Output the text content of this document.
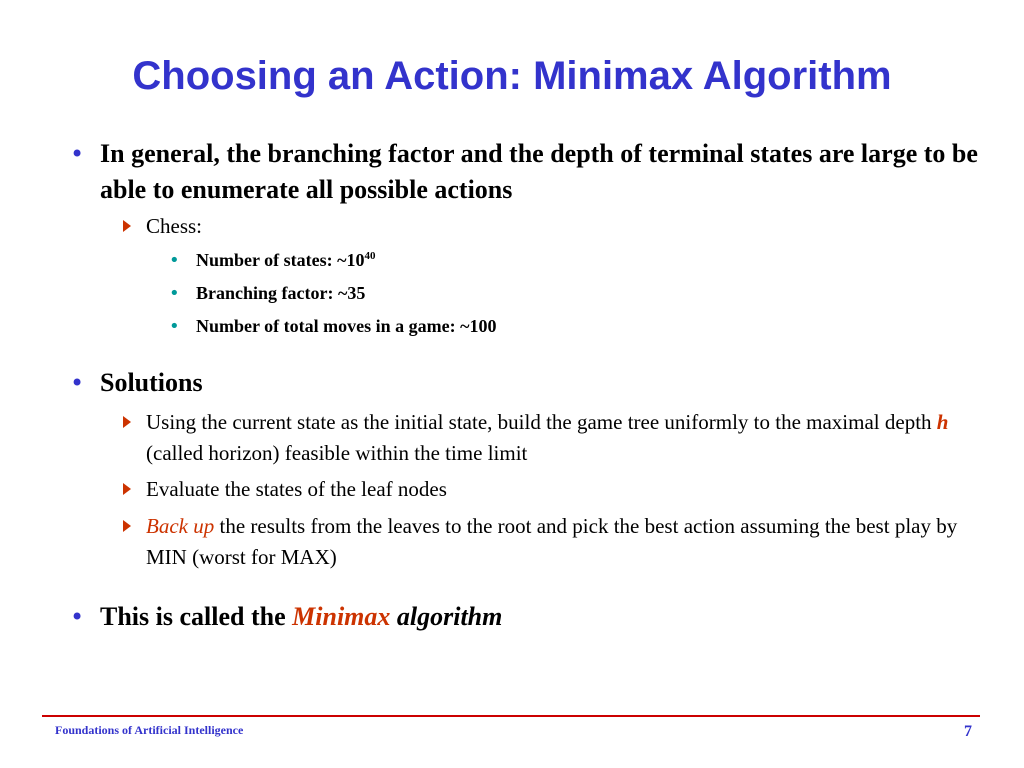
Choosing an Action: Minimax Algorithm
• In general, the branching factor and the depth of terminal states are large to be able to enumerate all possible actions
Chess:
• Number of states: $\sim 10^{40}$
• Branching factor: ~35
• Number of total moves in a game: ~100
• Solutions
Using the current state as the initial state, build the game tree uniformly to the maximal depth h (called horizon) feasible within the time limit
Evaluate the states of the leaf nodes
Back up the results from the leaves to the root and pick the best action assuming the best play by MIN (worst for MAX)
• This is called the Minimax algorithm
Foundations of Artificial Intelligence	7
